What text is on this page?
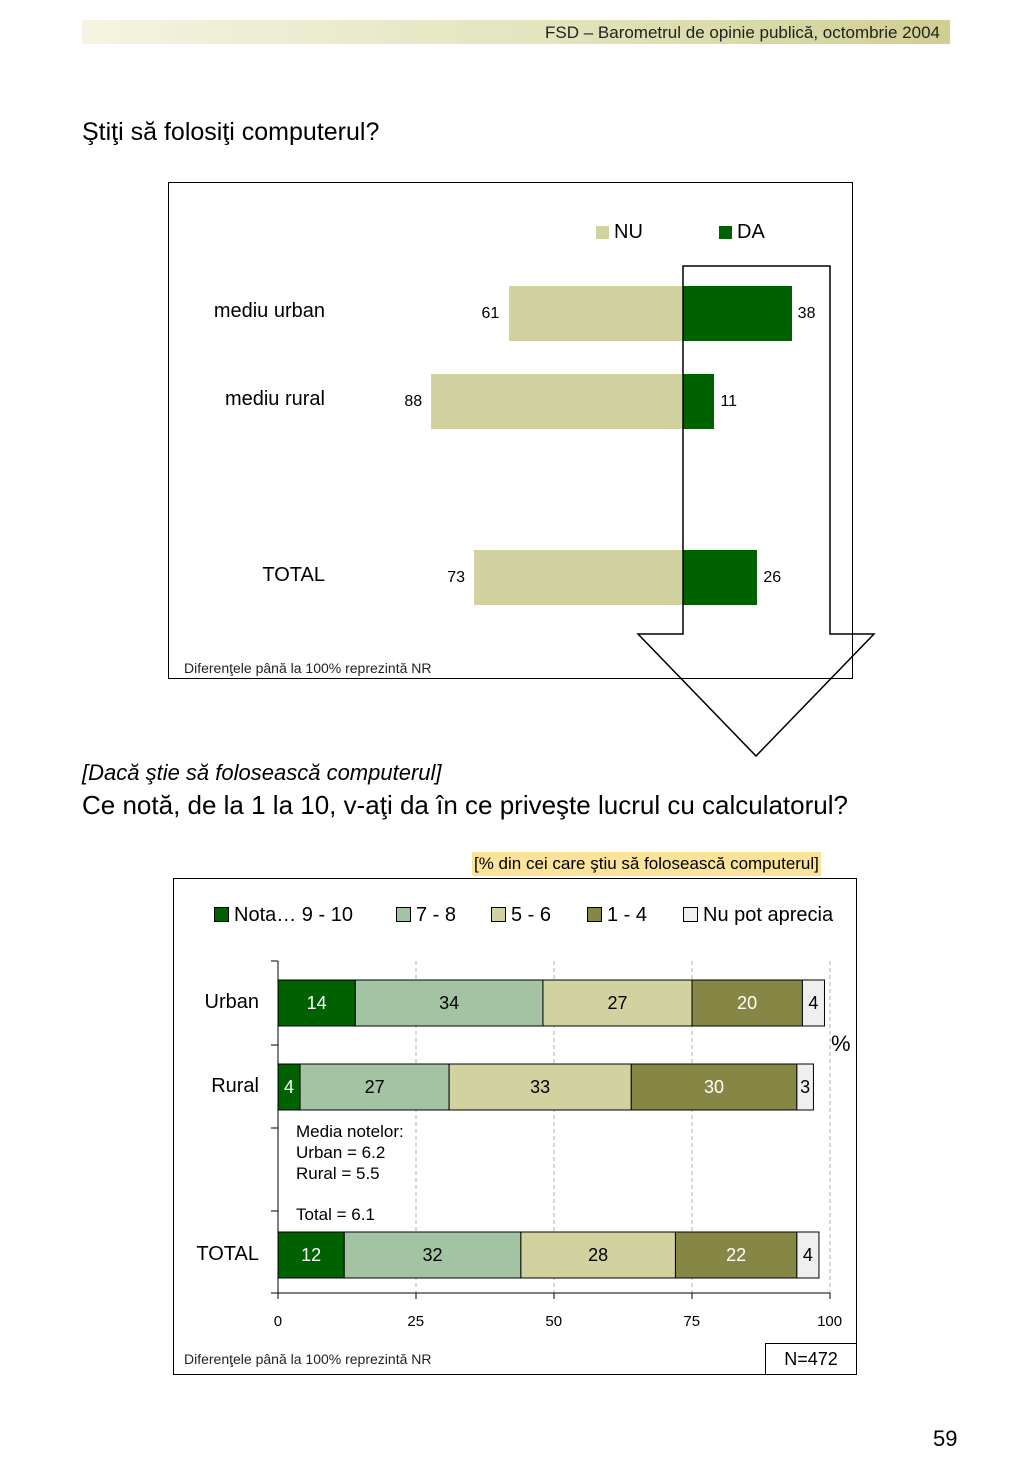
FSD – Barometrul de opinie publică, octombrie 2004
Ştiţi să folosiţi computerul?
NU	DA
Diferenţele până la 100% reprezintă NR
mediu urban	61	38
mediu rural	88	11
TOTAL	73	26
[Dacă ştie să folosească computerul]
Ce notă, de la 1 la 10, v-aţi da în ce priveşte lucrul cu calculatorul?
[% din cei care ştiu să folosească computerul]
Nota… 9 - 10	7 - 8	5 - 6	1 - 4	Nu pot aprecia
%
Media notelor:
Urban = 6.2
Rural = 5.5
Total = 6.1
Diferenţele până la 100% reprezintă NR	N=472
0	25	50	75	100
Urban	14	34	27	20	4
Rural	4	27	33	30	3
TOTAL	12	32	28	22	4
59
